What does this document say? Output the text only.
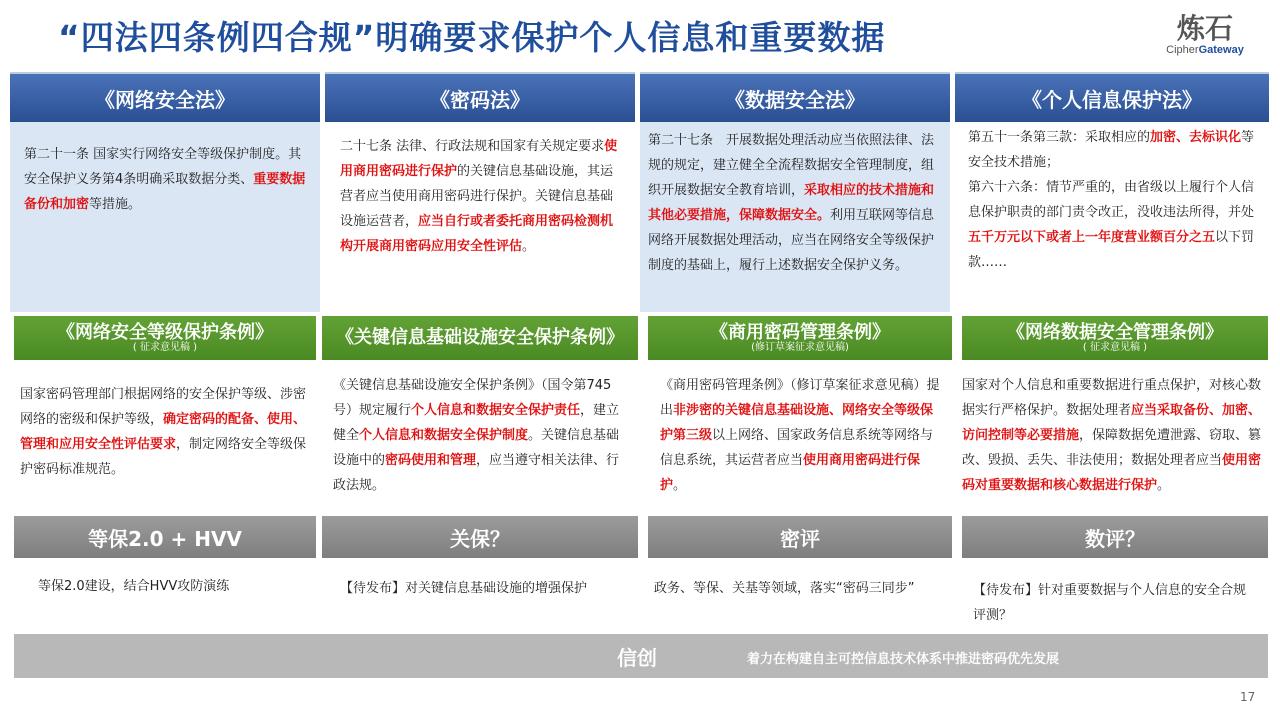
“四法四条例四合规”明确要求保护个人信息和重要数据	炼石
CipherGateway
《网络安全法》	《密码法》	《数据安全法》	《个人信息保护法》
第二十一条 国家实行网络安全等级保护制度。其安全保护义务第4条明确采取数据分类、重要数据备份和加密等措施。
二十七条 法律、行政法规和国家有关规定要求使用商用密码进行保护的关键信息基础设施，其运营者应当使用商用密码进行保护。关键信息基础设施运营者，应当自行或者委托商用密码检测机构开展商用密码应用安全性评估。
第二十七条　开展数据处理活动应当依照法律、法规的规定，建立健全全流程数据安全管理制度，组织开展数据安全教育培训，采取相应的技术措施和其他必要措施，保障数据安全。利用互联网等信息网络开展数据处理活动，应当在网络安全等级保护制度的基础上，履行上述数据安全保护义务。
第五十一条第三款：采取相应的加密、去标识化等安全技术措施；
第六十六条：情节严重的，由省级以上履行个人信息保护职责的部门责令改正，没收违法所得，并处五千万元以下或者上一年度营业额百分之五以下罚款……
《网络安全等级保护条例》
( 征求意见稿 )	《关键信息基础设施安全保护条例》	《商用密码管理条例》
(修订草案征求意见稿)
《网络数据安全管理条例》
( 征求意见稿 )
国家密码管理部门根据网络的安全保护等级、涉密网络的密级和保护等级，确定密码的配备、使用、管理和应用安全性评估要求，制定网络安全等级保护密码标准规范。
《关键信息基础设施安全保护条例》（国令第745号）规定履行个人信息和数据安全保护责任，建立健全个人信息和数据安全保护制度。关键信息基础设施中的密码使用和管理，应当遵守相关法律、行政法规。
《商用密码管理条例》（修订草案征求意见稿）提出非涉密的关键信息基础设施、网络安全等级保护第三级以上网络、国家政务信息系统等网络与信息系统，其运营者应当使用商用密码进行保护。
国家对个人信息和重要数据进行重点保护，对核心数据实行严格保护。数据处理者应当采取备份、加密、访问控制等必要措施，保障数据免遭泄露、窃取、篡改、毁损、丢失、非法使用；数据处理者应当使用密码对重要数据和核心数据进行保护。
等保2.0 + HVV	关保？	密评	数评？
等保2.0建设，结合HVV攻防演练	【待发布】对关键信息基础设施的增强保护	政务、等保、关基等领域，落实“密码三同步”	【待发布】针对重要数据与个人信息的安全合规评测？
信创	着力在构建自主可控信息技术体系中推进密码优先发展
17
